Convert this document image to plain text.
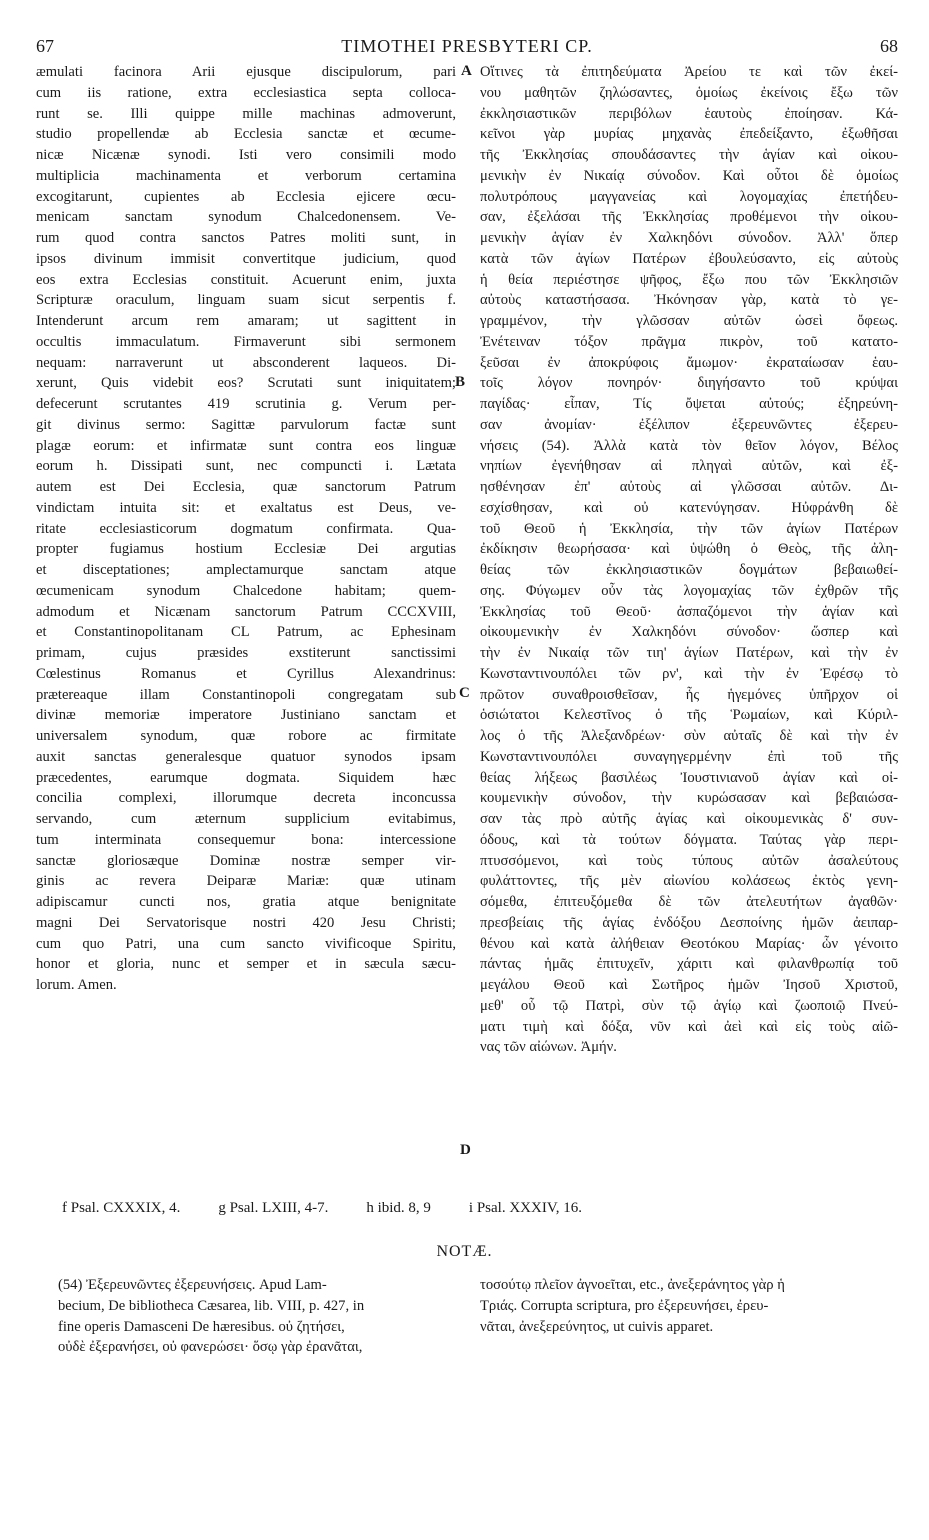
67	TIMOTHEI PRESBYTERI CP.	68
æmulati facinora Arii ejusque discipulorum, pari
cum iis ratione, extra ecclesiastica septa colloca-
runt se. Illi quippe mille machinas admoverunt,
studio propellendæ ab Ecclesia sanctæ et œcume-
nicæ Nicænæ synodi. Isti vero consimili modo
multiplicia machinamenta et verborum certamina
excogitarunt, cupientes ab Ecclesia ejicere œcu-
menicam sanctam synodum Chalcedonensem. Ve-
rum quod contra sanctos Patres moliti sunt, in
ipsos divinum immisit convertitque judicium, quod
eos extra Ecclesias constituit. Acuerunt enim, juxta
Scripturæ oraculum, linguam suam sicut serpentis f.
Intenderunt arcum rem amaram; ut sagittent in
occultis immaculatum. Firmaverunt sibi sermonem
nequam: narraverunt ut absconderent laqueos. Di-
xerunt, Quis videbit eos? Scrutati sunt iniquitatem;
defecerunt scrutantes 419 scrutinia g. Verum per-
git divinus sermo: Sagittæ parvulorum factæ sunt
plagæ eorum: et infirmatæ sunt contra eos linguæ
eorum h. Dissipati sunt, nec compuncti i. Lætata
autem est Dei Ecclesia, quæ sanctorum Patrum
vindictam intuita sit: et exaltatus est Deus, ve-
ritate ecclesiasticorum dogmatum confirmata. Qua-
propter fugiamus hostium Ecclesiæ Dei argutias
et disceptationes; amplectamurque sanctam atque
œcumenicam synodum Chalcedone habitam; quem-
admodum et Nicænam sanctorum Patrum CCCXVIII,
et Constantinopolitanam CL Patrum, ac Ephesinam
primam, cujus præsides exstiterunt sanctissimi
Cœlestinus Romanus et Cyrillus Alexandrinus:
prætereaque illam Constantinopoli congregatam sub
divinæ memoriæ imperatore Justiniano sanctam et
universalem synodum, quæ robore ac firmitate
auxit sanctas generalesque quatuor synodos ipsam
præcedentes, earumque dogmata. Siquidem hæc
concilia complexi, illorumque decreta inconcussa
servando, cum æternum supplicium evitabimus,
tum interminata consequemur bona: intercessione
sanctæ gloriosæque Dominæ nostræ semper vir-
ginis ac revera Deiparæ Mariæ: quæ utinam
adipiscamur cuncti nos, gratia atque benignitate
magni Dei Servatorisque nostri 420 Jesu Christi;
cum quo Patri, una cum sancto vivificoque Spiritu,
honor et gloria, nunc et semper et in sæcula sæcu-
lorum. Amen.
Οἵτινες τὰ ἐπιτηδεύματα Ἀρείου τε καὶ τῶν ἐκεί-
νου μαθητῶν ζηλώσαντες, ὁμοίως ἐκείνοις ἔξω τῶν
ἐκκλησιαστικῶν περιβόλων ἑαυτοὺς ἐποίησαν. Κά-
κεῖνοι γὰρ μυρίας μηχανὰς ἐπεδείξαντο, ἐξωθῆσαι
τῆς Ἐκκλησίας σπουδάσαντες τὴν ἁγίαν καὶ οἰκου-
μενικὴν ἐν Νικαίᾳ σύνοδον. Καὶ οὗτοι δὲ ὁμοίως
πολυτρόπους μαγγανείας καὶ λογομαχίας ἐπετήδευ-
σαν, ἐξελάσαι τῆς Ἐκκλησίας προθέμενοι τὴν οἰκου-
μενικὴν ἁγίαν ἐν Χαλκηδόνι σύνοδον. Ἀλλ' ὅπερ
κατὰ τῶν ἁγίων Πατέρων ἐβουλεύσαντο, εἰς αὐτοὺς
ἡ θεία περιέστησε ψῆφος, ἔξω που τῶν Ἐκκλησιῶν
αὐτοὺς καταστήσασα. Ἠκόνησαν γὰρ, κατὰ τὸ γε-
γραμμένον, τὴν γλῶσσαν αὐτῶν ὡσεὶ ὄφεως.
Ἐνέτειναν τόξον πρᾶγμα πικρὸν, τοῦ κατατο-
ξεῦσαι ἐν ἀποκρύφοις ἄμωμον· ἐκραταίωσαν ἑαυ-
τοῖς λόγον πονηρόν· διηγήσαντο τοῦ κρύψαι
παγίδας· εἶπαν, Τίς ὄψεται αὐτούς; ἐξηρεύνη-
σαν ἀνομίαν· ἐξέλιπον ἐξερευνῶντες ἐξερευ-
νήσεις (54). Ἀλλὰ κατὰ τὸν θεῖον λόγον, Βέλος
νηπίων ἐγενήθησαν αἱ πληγαὶ αὐτῶν, καὶ ἐξ-
ησθένησαν ἐπ' αὐτοὺς αἱ γλῶσσαι αὐτῶν. Δι-
εσχίσθησαν, καὶ οὐ κατενύγησαν. Ηὐφράνθη δὲ
τοῦ Θεοῦ ἡ Ἐκκλησία, τὴν τῶν ἁγίων Πατέρων
ἐκδίκησιν θεωρήσασα· καὶ ὑψώθη ὁ Θεὸς, τῆς ἀλη-
θείας τῶν ἐκκλησιαστικῶν δογμάτων βεβαιωθεί-
σης. Φύγωμεν οὖν τὰς λογομαχίας τῶν ἐχθρῶν τῆς
Ἐκκλησίας τοῦ Θεοῦ· ἀσπαζόμενοι τὴν ἁγίαν καὶ
οἰκουμενικὴν ἐν Χαλκηδόνι σύνοδον· ὥσπερ καὶ
τὴν ἐν Νικαίᾳ τῶν τιη' ἁγίων Πατέρων, καὶ τὴν ἐν
Κωνσταντινουπόλει τῶν ρν', καὶ τὴν ἐν Ἐφέσῳ τὸ
πρῶτον συναθροισθεῖσαν, ἧς ἡγεμόνες ὑπῆρχον οἱ
ὁσιώτατοι Κελεστῖνος ὁ τῆς Ῥωμαίων, καὶ Κύριλ-
λος ὁ τῆς Ἀλεξανδρέων· σὺν αὐταῖς δὲ καὶ τὴν ἐν
Κωνσταντινουπόλει συναγηγερμένην ἐπὶ τοῦ τῆς
θείας λήξεως βασιλέως Ἰουστινιανοῦ ἁγίαν καὶ οἰ-
κουμενικὴν σύνοδον, τὴν κυρώσασαν καὶ βεβαιώσα-
σαν τὰς πρὸ αὐτῆς ἁγίας καὶ οἰκουμενικὰς δ' συν-
όδους, καὶ τὰ τούτων δόγματα. Ταύτας γὰρ περι-
πτυσσόμενοι, καὶ τοὺς τύπους αὐτῶν ἀσαλεύτους
φυλάττοντες, τῆς μὲν αἰωνίου κολάσεως ἐκτὸς γενη-
σόμεθα, ἐπιτευξόμεθα δὲ τῶν ἀτελευτήτων ἀγαθῶν·
πρεσβείαις τῆς ἁγίας ἐνδόξου Δεσποίνης ἡμῶν ἀειπαρ-
θένου καὶ κατὰ ἀλήθειαν Θεοτόκου Μαρίας· ὧν γένοιτο
πάντας ἡμᾶς ἐπιτυχεῖν, χάριτι καὶ φιλανθρωπίᾳ τοῦ
μεγάλου Θεοῦ καὶ Σωτῆρος ἡμῶν Ἰησοῦ Χριστοῦ,
μεθ' οὗ τῷ Πατρὶ, σὺν τῷ ἁγίῳ καὶ ζωοποιῷ Πνεύ-
ματι τιμὴ καὶ δόξα, νῦν καὶ ἀεὶ καὶ εἰς τοὺς αἰῶ-
νας τῶν αἰώνων. Ἀμήν.
A
B
C
D
f Psal. CXXXIX, 4.	g Psal. LXIII, 4-7.	h ibid. 8, 9	i Psal. XXXIV, 16.
NOTÆ.
(54) Ἐξερευνῶντες ἐξερευνήσεις. Apud Lam-
becium, De bibliotheca Cæsarea, lib. VIII, p. 427, in
fine operis Damasceni De hæresibus. οὐ ζητήσει,
οὐδὲ ἐξερανήσει, οὐ φανερώσει· ὅσῳ γὰρ ἐρανᾶται,
τοσούτῳ πλεῖον ἀγνοεῖται, etc., ἀνεξεράνητος γὰρ ἡ
Τριάς. Corrupta scriptura, pro ἐξερευνήσει, ἐρευ-
νᾶται, ἀνεξερεύνητος, ut cuivis apparet.
